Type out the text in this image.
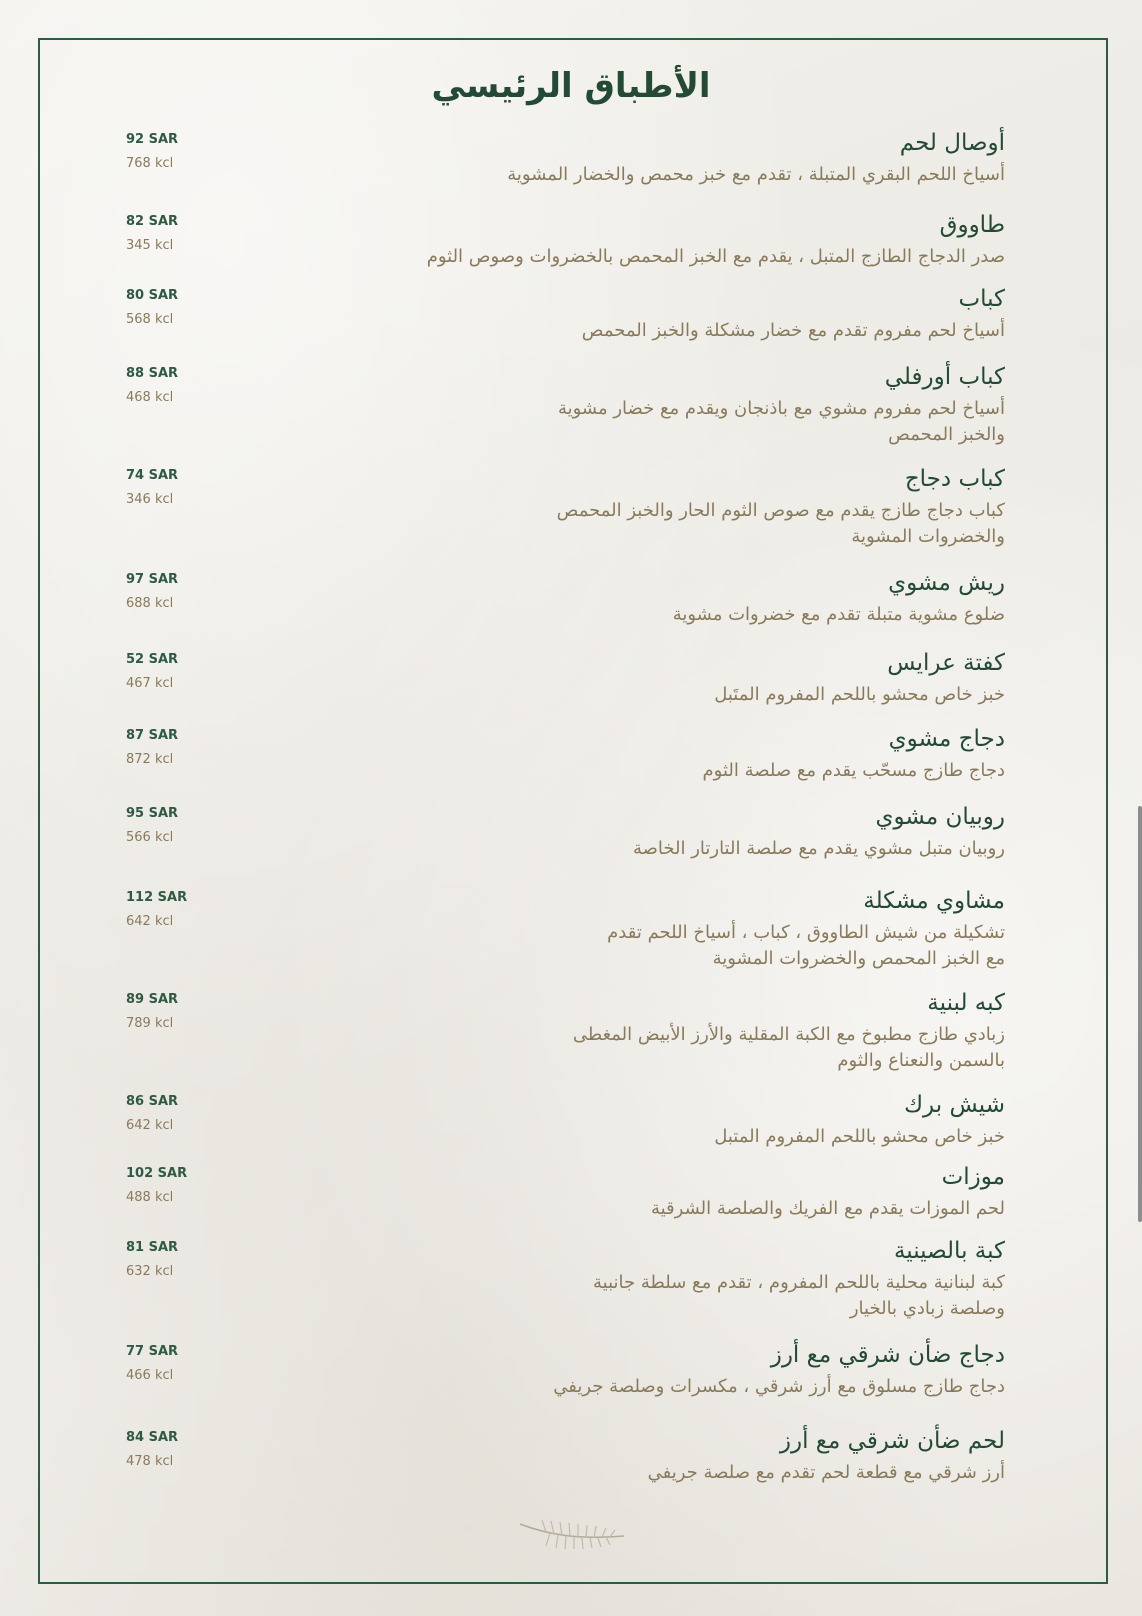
الأطباق الرئيسي
أوصال لحم
أسياخ اللحم البقري المتبلة ، تقدم مع خبز محمص والخضار المشوية
92 SAR
768 kcl
طاووق
صدر الدجاج الطازج المتبل ، يقدم مع الخبز المحمص بالخضروات وصوص الثوم
82 SAR
345 kcl
كباب
أسياخ لحم مفروم تقدم مع خضار مشكلة والخبز المحمص
80 SAR
568 kcl
كباب أورفلي
أسياخ لحم مفروم مشوي مع باذنجان ويقدم مع خضار مشوية
والخبز المحمص
88 SAR
468 kcl
كباب دجاج
كباب دجاج طازج يقدم مع صوص الثوم الحار والخبز المحمص
والخضروات المشوية
74 SAR
346 kcl
ريش مشوي
ضلوع مشوية متبلة تقدم مع خضروات مشوية
97 SAR
688 kcl
كفتة عرايس
خبز خاص محشو باللحم المفروم المتَبل
52 SAR
467 kcl
دجاج مشوي
دجاج طازج مسحّب يقدم مع صلصة الثوم
87 SAR
872 kcl
روبيان مشوي
روبيان متبل مشوي يقدم مع صلصة التارتار الخاصة
95 SAR
566 kcl
مشاوي مشكلة
تشكيلة من شيش الطاووق ، كباب ، أسياخ اللحم تقدم
مع الخبز المحمص والخضروات المشوية
112 SAR
642 kcl
كبه لبنية
زبادي طازج مطبوخ مع الكبة المقلية والأرز الأبيض المغطى
بالسمن والنعناع والثوم
89 SAR
789 kcl
شيش برك
خبز خاص محشو باللحم المفروم المتبل
86 SAR
642 kcl
موزات
لحم الموزات يقدم مع الفريك والصلصة الشرقية
102 SAR
488 kcl
كبة بالصينية
كبة لبنانية محلية باللحم المفروم ، تقدم مع سلطة جانبية
وصلصة زبادي بالخيار
81 SAR
632 kcl
دجاج ضأن شرقي مع أرز
دجاج طازج مسلوق مع أرز شرقي ، مكسرات وصلصة جريفي
77 SAR
466 kcl
لحم ضأن شرقي مع أرز
أرز شرقي مع قطعة لحم تقدم مع صلصة جريفي
84 SAR
478 kcl
